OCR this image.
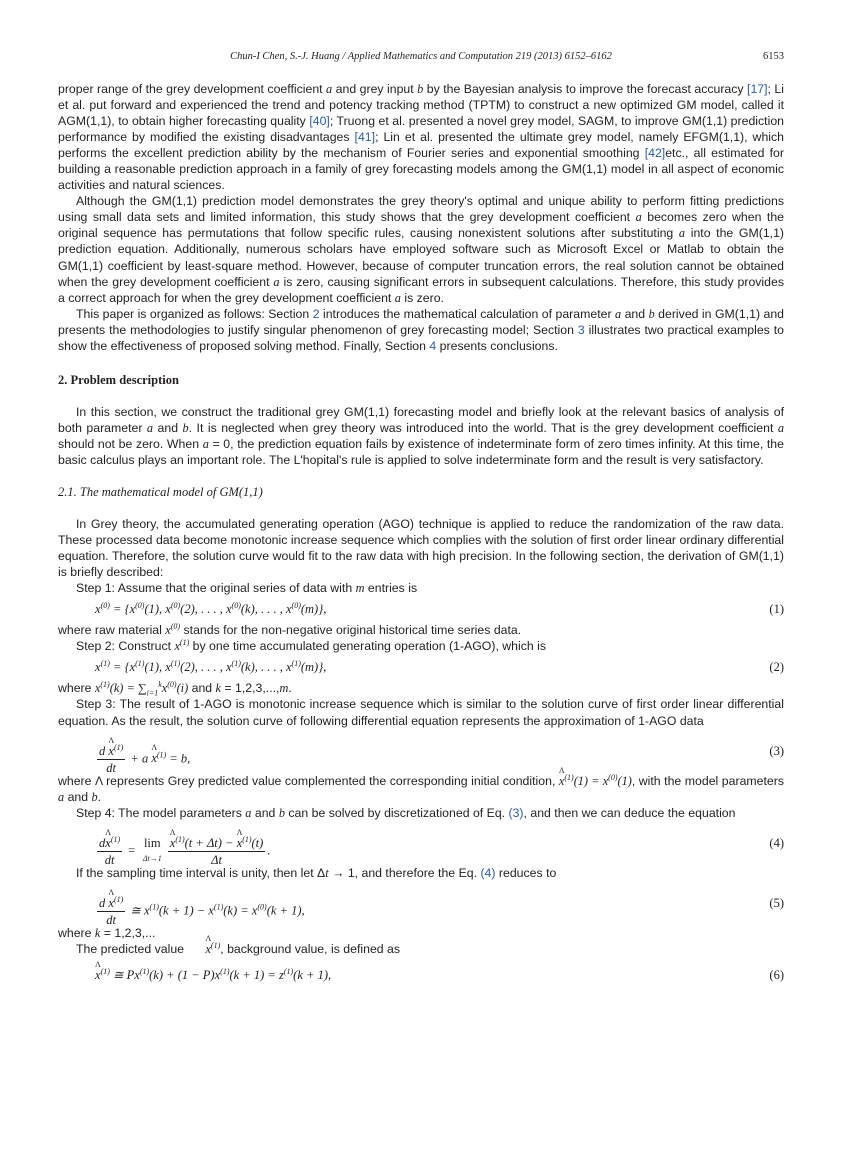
Chun-I Chen, S.-J. Huang / Applied Mathematics and Computation 219 (2013) 6152–6162	6153

proper range of the grey development coefficient a and grey input b by the Bayesian analysis to improve the forecast accuracy [17]; Li et al. put forward and experienced the trend and potency tracking method (TPTM) to construct a new optimized GM model, called it AGM(1,1), to obtain higher forecasting quality [40]; Truong et al. presented a novel grey model, SAGM, to improve GM(1,1) prediction performance by modified the existing disadvantages [41]; Lin et al. presented the ultimate grey model, namely EFGM(1,1), which performs the excellent prediction ability by the mechanism of Fourier series and exponential smoothing [42]etc., all estimated for building a reasonable prediction approach in a family of grey forecasting models among the GM(1,1) model in all aspect of economic activities and natural sciences.

Although the GM(1,1) prediction model demonstrates the grey theory's optimal and unique ability to perform fitting predictions using small data sets and limited information, this study shows that the grey development coefficient a becomes zero when the original sequence has permutations that follow specific rules, causing nonexistent solutions after substituting a into the GM(1,1) prediction equation. Additionally, numerous scholars have employed software such as Microsoft Excel or Matlab to obtain the GM(1,1) coefficient by least-square method. However, because of computer truncation errors, the real solution cannot be obtained when the grey development coefficient a is zero, causing significant errors in subsequent calculations. Therefore, this study provides a correct approach for when the grey development coefficient a is zero.

This paper is organized as follows: Section 2 introduces the mathematical calculation of parameter a and b derived in GM(1,1) and presents the methodologies to justify singular phenomenon of grey forecasting model; Section 3 illustrates two practical examples to show the effectiveness of proposed solving method. Finally, Section 4 presents conclusions.

2. Problem description

In this section, we construct the traditional grey GM(1,1) forecasting model and briefly look at the relevant basics of analysis of both parameter a and b. It is neglected when grey theory was introduced into the world. That is the grey development coefficient a should not be zero. When a = 0, the prediction equation fails by existence of indeterminate form of zero times infinity. At this time, the basic calculus plays an important role. The L'hopital's rule is applied to solve indeterminate form and the result is very satisfactory.

2.1. The mathematical model of GM(1,1)

In Grey theory, the accumulated generating operation (AGO) technique is applied to reduce the randomization of the raw data. These processed data become monotonic increase sequence which complies with the solution of first order linear ordinary differential equation. Therefore, the solution curve would fit to the raw data with high precision. In the following section, the derivation of GM(1,1) is briefly described:

Step 1: Assume that the original series of data with m entries is

$x^{(0)} = \{x^{(0)}(1)$, $x^{(0)}(2)$, . . . , $x^{(0)}(k)$, . . . , $x^{(0)}(m)$},	(1)

where raw material $x^{(0)}$ stands for the non-negative original historical time series data.

Step 2: Construct $x^{(1)}$ by one time accumulated generating operation (1-AGO), which is

$x^{(1)} = \{x^{(1)}(1)$, $x^{(1)}(2)$, . . . , $x^{(1)}(k)$, . . . , $x^{(1)}(m)$},	(2)

where $x^{(1)}(k) = \sum_{i=1}^kx^{(0)}(i)$ and k = 1,2,3,...,m.

Step 3: The result of 1-AGO is monotonic increase sequence which is similar to the solution curve of first order linear differential equation. As the result, the solution curve of following differential equation represents the approximation of 1-AGO data

$\frac{d \Lambda x^{(1)}}{dt} + a$ Λ $x^{(1)} = b$,
(3)

where Λ represents Grey predicted value complemented the corresponding initial condition, Λ $x^{(1)}(1) = x^{(0)}(1)$, with the model parameters a and b.

Step 4: The model parameters a and b can be solved by discretizationed of Eq. (3), and then we can deduce the equation

$\frac{d\Lambda x^{(1)}}{dt} = \lim$
Δt→1
Λ $\frac{x^{(1)}(t + \Delta t) - \Lambda x^{(1)}(t)}{\Delta t}$ .
(4)

If the sampling time interval is unity, then let Δt → 1, and therefore the Eq. (4) reduces to

$\frac{d \Lambda x^{(1)}}{dt}$ ≅ $x^{(1)}(k + 1) - x^{(1)}(k) = x^{(0)}(k + 1)$,
(5)

where k = 1,2,3,...

The predicted value Λ $x^{(1)}$, background value, is defined as

Λ $x^{(1)}$ ≅ $Px^{(1)}(k) + (1 - P)x^{(1)}(k + 1) = z^{(1)}(k + 1)$,	(6)
